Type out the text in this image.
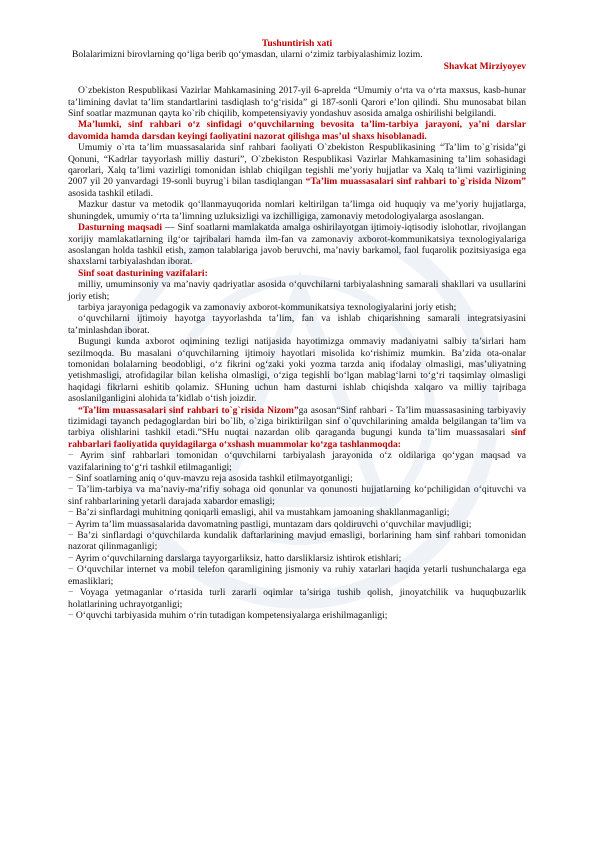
Tushuntirish xati

Bolalarimizni birovlarning qo‘liga berib qo‘ymasdan, ularni o‘zimiz tarbiyalashimiz lozim.

Shavkat Mirziyoyev

O`zbekiston Respublikasi Vazirlar Mahkamasining 2017-yil 6-aprelda “Umumiy o‘rta va o‘rta maxsus, kasb-hunar ta’limining davlat ta’lim standartlarini tasdiqlash to‘g‘risida” gi 187-sonli Qarori e’lon qilindi. Shu munosabat bilan Sinf soatlar mazmunan qayta ko`rib chiqilib, kompetensiyaviy yondashuv asosida amalga oshirilishi belgilandi.

Ma’lumki, sinf rahbari o‘z sinfidagi o‘quvchilarning bevosita ta’lim-tarbiya jarayoni, ya’ni darslar davomida hamda darsdan keyingi faoliyatini nazorat qilishga mas’ul shaxs hisoblanadi.

Umumiy o`rta ta’lim muassasalarida sinf rahbari faoliyati O`zbekiston Respublikasining “Ta’lim to`g`risida”gi Qonuni, “Kadrlar tayyorlash milliy dasturi”, O`zbekiston Respublikasi Vazirlar Mahkamasining ta’lim sohasidagi qarorlari, Xalq ta’limi vazirligi tomonidan ishlab chiqilgan tegishli me’yoriy hujjatlar va Xalq ta’limi vazirligining 2007 yil 20 yanvardagi 19-sonli buyrug`i bilan tasdiqlangan “Ta’lim muassasalari sinf rahbari to`g`risida Nizom” asosida tashkil etiladi.

Mazkur dastur va metodik qo‘llanmayuqorida nomlari keltirilgan ta’limga oid huquqiy va me’yoriy hujjatlarga, shuningdek, umumiy o‘rta ta’limning uzluksizligi va izchilligiga, zamonaviy metodologiyalarga asoslangan.

Dasturning maqsadi — Sinf soatlarni mamlakatda amalga oshirilayotgan ijtimoiy-iqtisodiy islohotlar, rivojlangan xorijiy mamlakatlarning ilg‘or tajribalari hamda ilm-fan va zamonaviy axborot-kommunikatsiya texnologiyalariga asoslangan holda tashkil etish, zamon talablariga javob beruvchi, ma’naviy barkamol, faol fuqarolik pozitsiyasiga ega shaxslarni tarbiyalashdan iborat.

Sinf soat dasturining vazifalari:

milliy, umuminsoniy va ma’naviy qadriyatlar asosida o‘quvchilarni tarbiyalashning samarali shakllari va usullarini joriy etish;

tarbiya jarayoniga pedagogik va zamonaviy axborot-kommunikatsiya texnologiyalarini joriy etish;

o‘quvchilarni ijtimoiy hayotga tayyorlashda ta’lim, fan va ishlab chiqarishning samarali integratsiyasini ta’minlashdan iborat.

Bugungi kunda axborot oqimining tezligi natijasida hayotimizga ommaviy madaniyatni salbiy ta’sirlari ham sezilmoqda. Bu masalani o‘quvchilarning ijtimoiy hayotlari misolida ko‘rishimiz mumkin. Ba’zida ota-onalar tomonidan bolalarning beodobligi, o‘z fikrini og‘zaki yoki yozma tarzda aniq ifodalay olmasligi, mas’uliyatning yetishmasligi, atrofidagilar bilan kelisha olmasligi, o‘ziga tegishli bo‘lgan mablag‘larni to‘g‘ri taqsimlay olmasligi haqidagi fikrlarni eshitib qolamiz. SHuning uchun ham dasturni ishlab chiqishda xalqaro va milliy tajribaga asoslanilganligini alohida ta’kidlab o‘tish joizdir.

“Ta’lim muassasalari sinf rahbari to`g`risida Nizom”ga asosan“Sinf rahbari - Ta’lim muassasasining tarbiyaviy tizimidagi tayanch pedagoglardan biri bo`lib, o`ziga biriktirilgan sinf o`quvchilarining amalda belgilangan ta’lim va tarbiya olishlarini tashkil etadi.”SHu nuqtai nazardan olib qaraganda bugungi kunda ta’lim muassasalari sinf rahbarlari faoliyatida quyidagilarga o‘xshash muammolar ko‘zga tashlanmoqda:

− Ayrim sinf rahbarlari tomonidan o‘quvchilarni tarbiyalash jarayonida o‘z oldilariga qo‘ygan maqsad va vazifalarining to‘g‘ri tashkil etilmaganligi;

− Sinf soatlarning aniq o‘quv-mavzu reja asosida tashkil etilmayotganligi;

− Ta’lim-tarbiya va ma’naviy-ma’rifiy sohaga oid qonunlar va qonunosti hujjatlarning ko‘pchiligidan o‘qituvchi va sinf rahbarlarining yetarli darajada xabardor emasligi;

− Ba’zi sinflardagi muhitning qoniqarli emasligi, ahil va mustahkam jamoaning shakllanmaganligi;

− Ayrim ta’lim muassasalarida davomatning pastligi, muntazam dars qoldiruvchi o‘quvchilar mavjudligi;

− Ba’zi sinflardagi o‘quvchilarda kundalik daftarlarining mavjud emasligi, borlarining ham sinf rahbari tomonidan nazorat qilinmaganligi;

− Ayrim o‘quvchilarning darslarga tayyorgarliksiz, hatto darsliklarsiz ishtirok etishlari;

− O‘quvchilar internet va mobil telefon qaramligining jismoniy va ruhiy xatarlari haqida yetarli tushunchalarga ega emasliklari;

− Voyaga yetmaganlar o‘rtasida turli zararli oqimlar ta’siriga tushib qolish, jinoyatchilik va huquqbuzarlik holatlarining uchrayotganligi;

− O‘quvchi tarbiyasida muhim o‘rin tutadigan kompetensiyalarga erishilmaganligi;
